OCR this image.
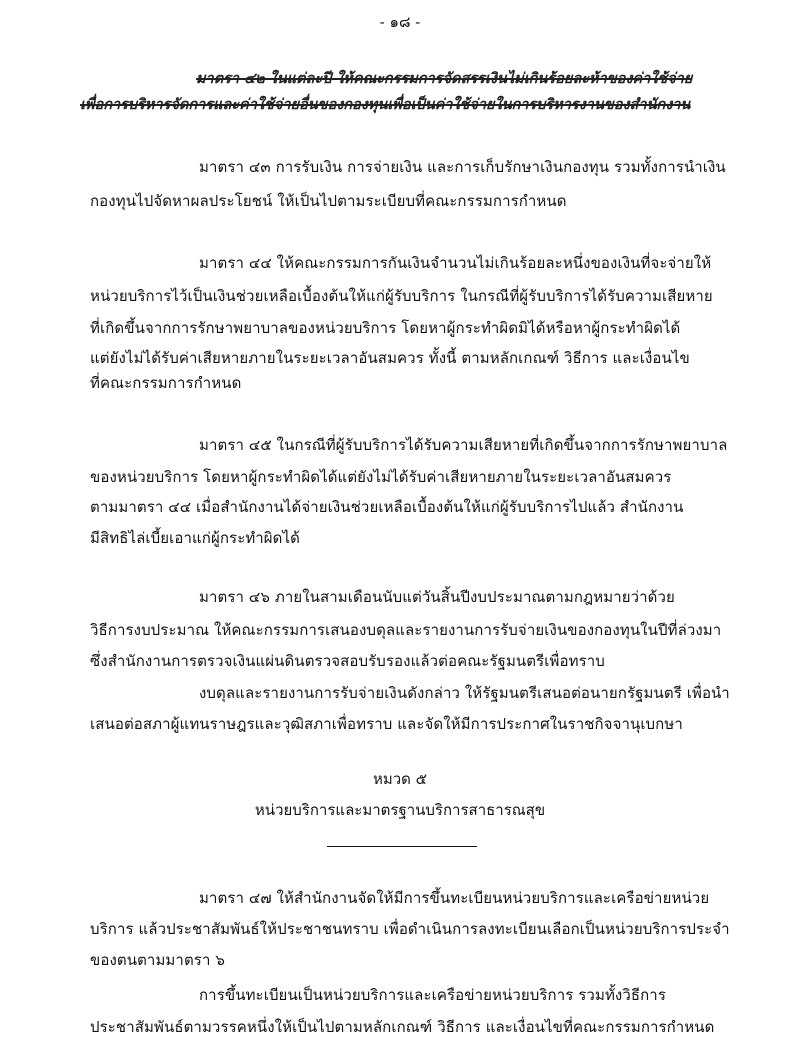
- ๑๘ -
มาตรา ๔๒ ในแต่ละปี ให้คณะกรรมการจัดสรรเงินไม่เกินร้อยละห้าของค่าใช้จ่าย
เพื่อการบริหารจัดการและค่าใช้จ่ายอื่นของกองทุนเพื่อเป็นค่าใช้จ่ายในการบริหารงานของสำนักงาน
มาตรา ๔๓ การรับเงิน การจ่ายเงิน และการเก็บรักษาเงินกองทุน รวมทั้งการนำเงิน
กองทุนไปจัดหาผลประโยชน์ ให้เป็นไปตามระเบียบที่คณะกรรมการกำหนด
มาตรา ๔๔ ให้คณะกรรมการกันเงินจำนวนไม่เกินร้อยละหนึ่งของเงินที่จะจ่ายให้
หน่วยบริการไว้เป็นเงินช่วยเหลือเบื้องต้นให้แก่ผู้รับบริการ ในกรณีที่ผู้รับบริการได้รับความเสียหาย
ที่เกิดขึ้นจากการรักษาพยาบาลของหน่วยบริการ โดยหาผู้กระทำผิดมิได้หรือหาผู้กระทำผิดได้
แต่ยังไม่ได้รับค่าเสียหายภายในระยะเวลาอันสมควร ทั้งนี้ ตามหลักเกณฑ์ วิธีการ และเงื่อนไข
ที่คณะกรรมการกำหนด
มาตรา ๔๕ ในกรณีที่ผู้รับบริการได้รับความเสียหายที่เกิดขึ้นจากการรักษาพยาบาล
ของหน่วยบริการ โดยหาผู้กระทำผิดได้แต่ยังไม่ได้รับค่าเสียหายภายในระยะเวลาอันสมควร
ตามมาตรา ๔๔ เมื่อสำนักงานได้จ่ายเงินช่วยเหลือเบื้องต้นให้แก่ผู้รับบริการไปแล้ว สำนักงาน
มีสิทธิไล่เบี้ยเอาแก่ผู้กระทำผิดได้
มาตรา ๔๖ ภายในสามเดือนนับแต่วันสิ้นปีงบประมาณตามกฎหมายว่าด้วย
วิธีการงบประมาณ ให้คณะกรรมการเสนองบดุลและรายงานการรับจ่ายเงินของกองทุนในปีที่ล่วงมา
ซึ่งสำนักงานการตรวจเงินแผ่นดินตรวจสอบรับรองแล้วต่อคณะรัฐมนตรีเพื่อทราบ
งบดุลและรายงานการรับจ่ายเงินดังกล่าว ให้รัฐมนตรีเสนอต่อนายกรัฐมนตรี เพื่อนำ
เสนอต่อสภาผู้แทนราษฎรและวุฒิสภาเพื่อทราบ และจัดให้มีการประกาศในราชกิจจานุเบกษา
หมวด ๕
หน่วยบริการและมาตรฐานบริการสาธารณสุข
มาตรา ๔๗ ให้สำนักงานจัดให้มีการขึ้นทะเบียนหน่วยบริการและเครือข่ายหน่วย
บริการ แล้วประชาสัมพันธ์ให้ประชาชนทราบ เพื่อดำเนินการลงทะเบียนเลือกเป็นหน่วยบริการประจำ
ของตนตามมาตรา ๖
การขึ้นทะเบียนเป็นหน่วยบริการและเครือข่ายหน่วยบริการ รวมทั้งวิธีการ
ประชาสัมพันธ์ตามวรรคหนึ่งให้เป็นไปตามหลักเกณฑ์ วิธีการ และเงื่อนไขที่คณะกรรมการกำหนด
